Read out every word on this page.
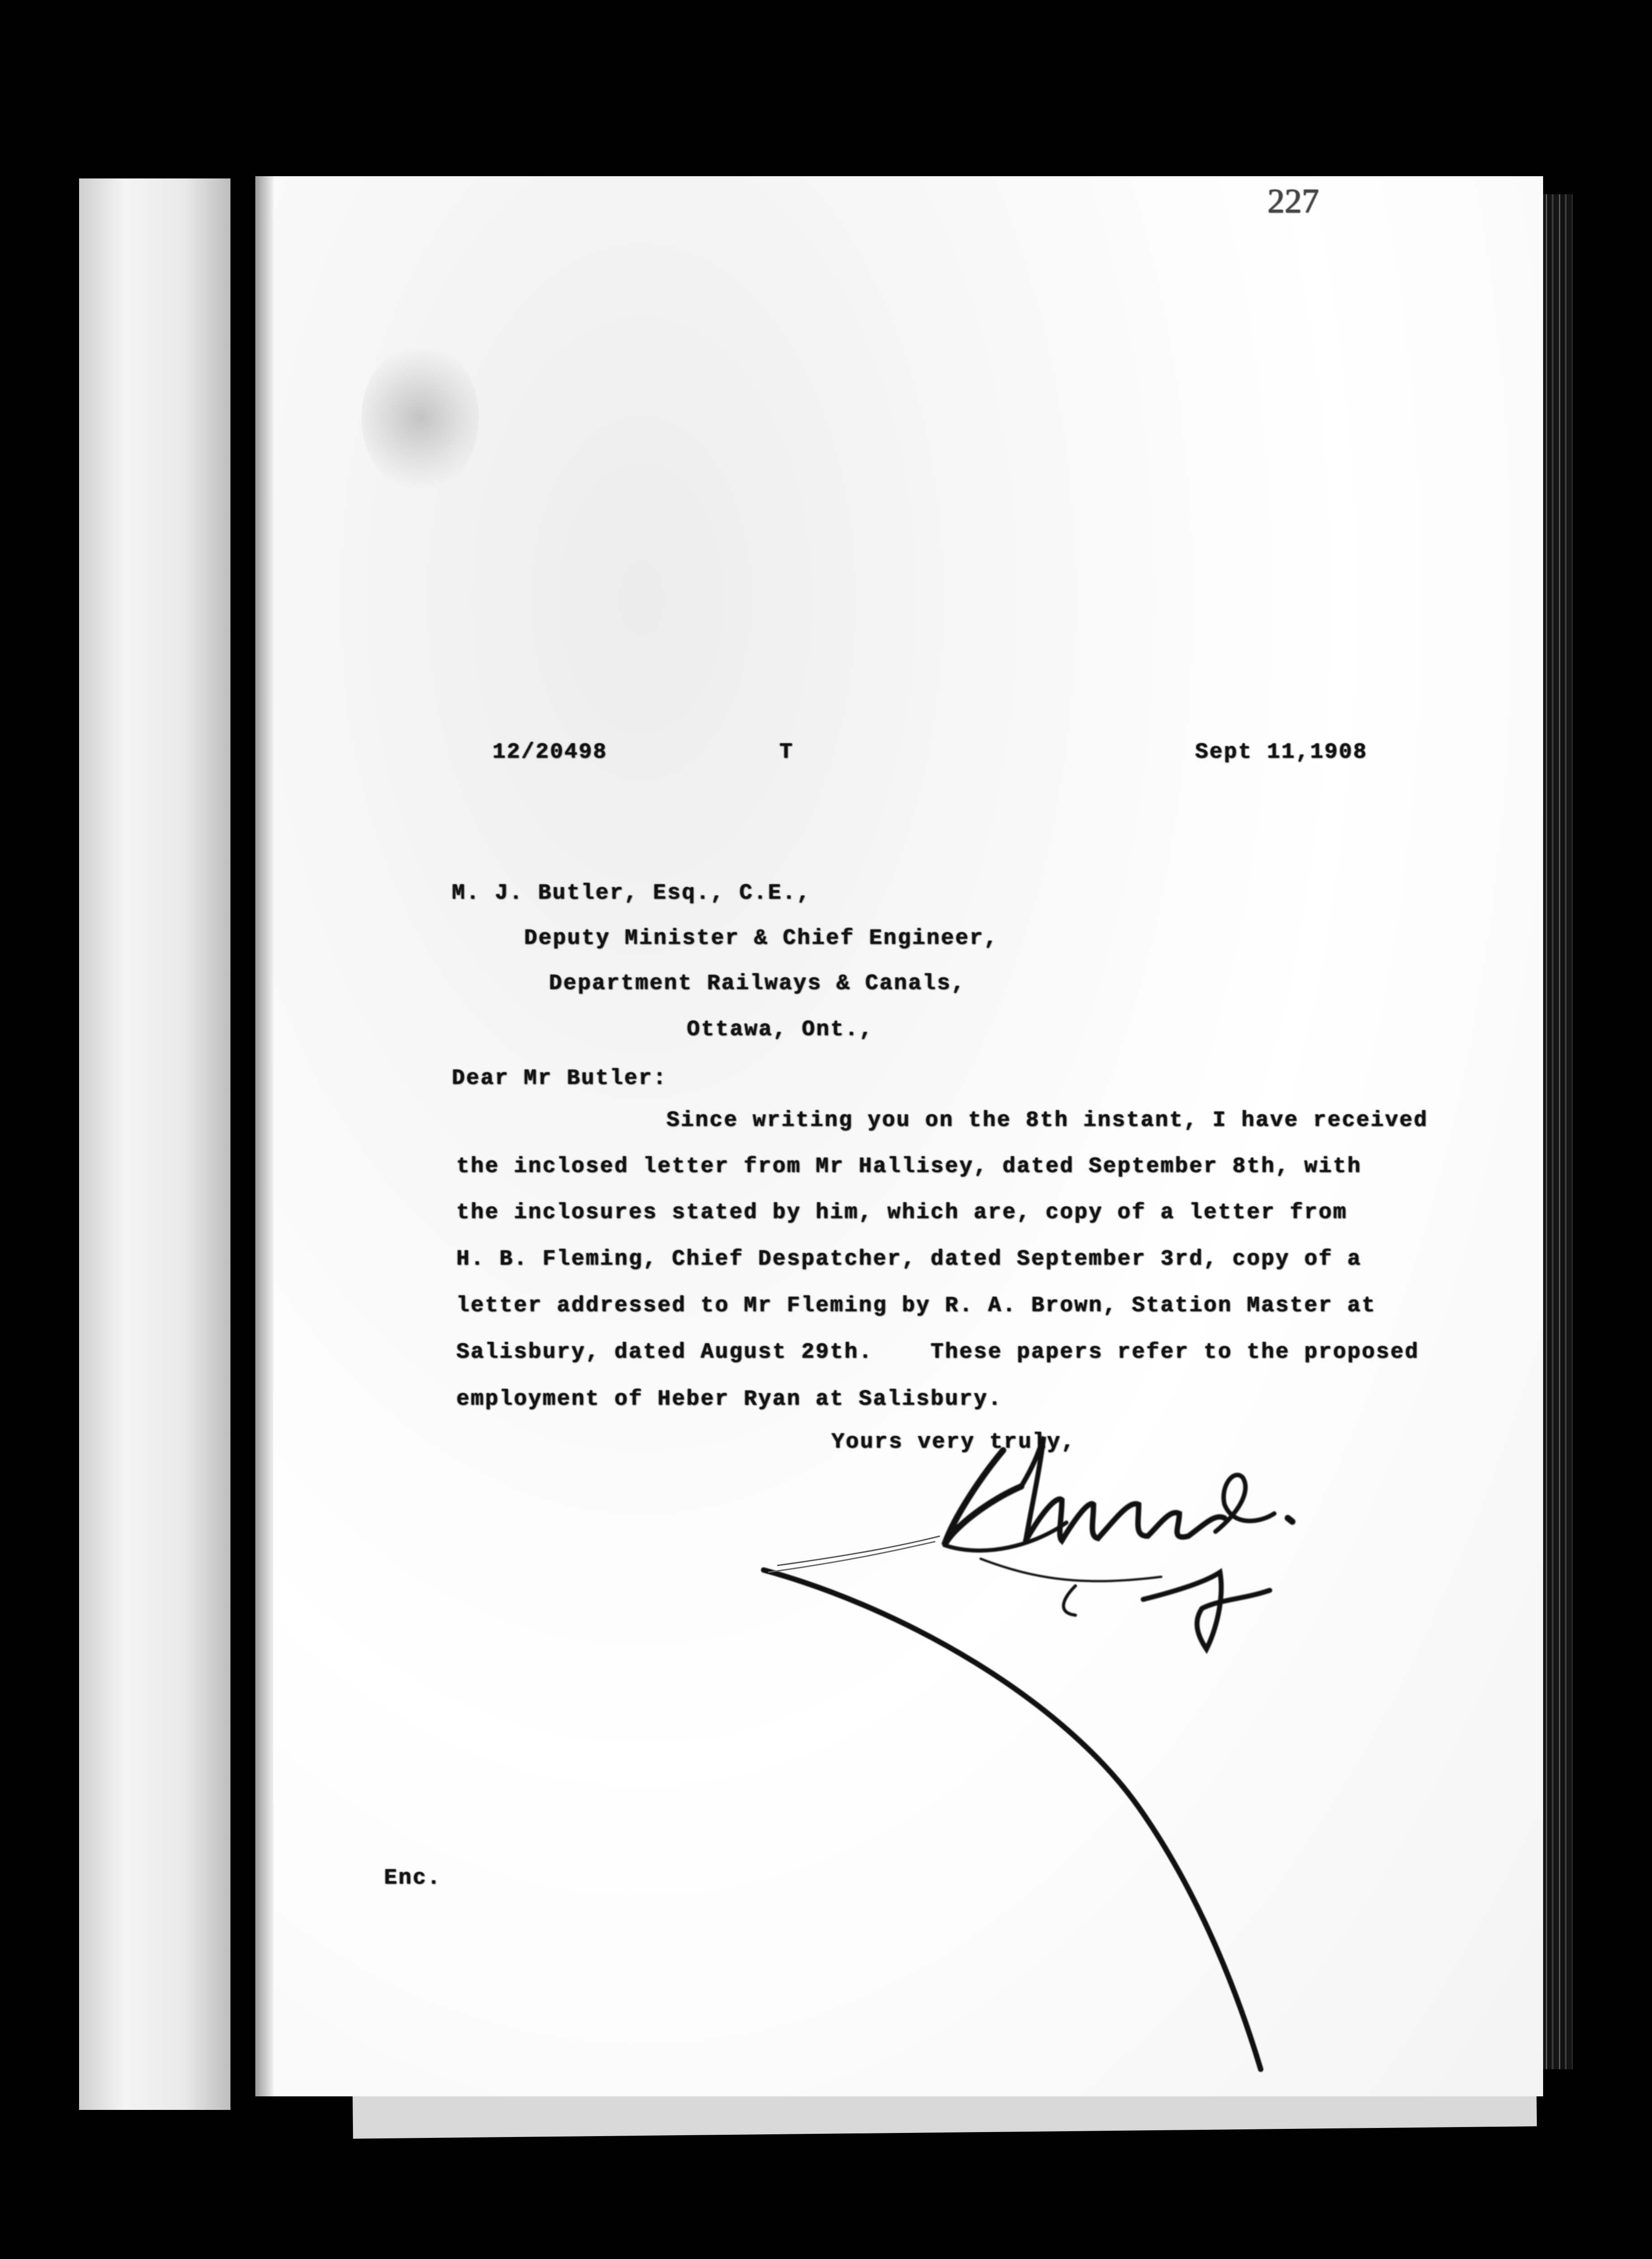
227
12/20498	T	Sept 11,1908
M. J. Butler, Esq., C.E.,
Deputy Minister & Chief Engineer,
Department Railways & Canals,
Ottawa, Ont.,
Dear Mr Butler:
Since writing you on the 8th instant, I have received
the inclosed letter from Mr Hallisey, dated September 8th, with
the inclosures stated by him, which are, copy of a letter from
H. B. Fleming, Chief Despatcher, dated September 3rd, copy of a
letter addressed to Mr Fleming by R. A. Brown, Station Master at
Salisbury, dated August 29th.    These papers refer to the proposed
employment of Heber Ryan at Salisbury.
Yours very truly,
Enc.
